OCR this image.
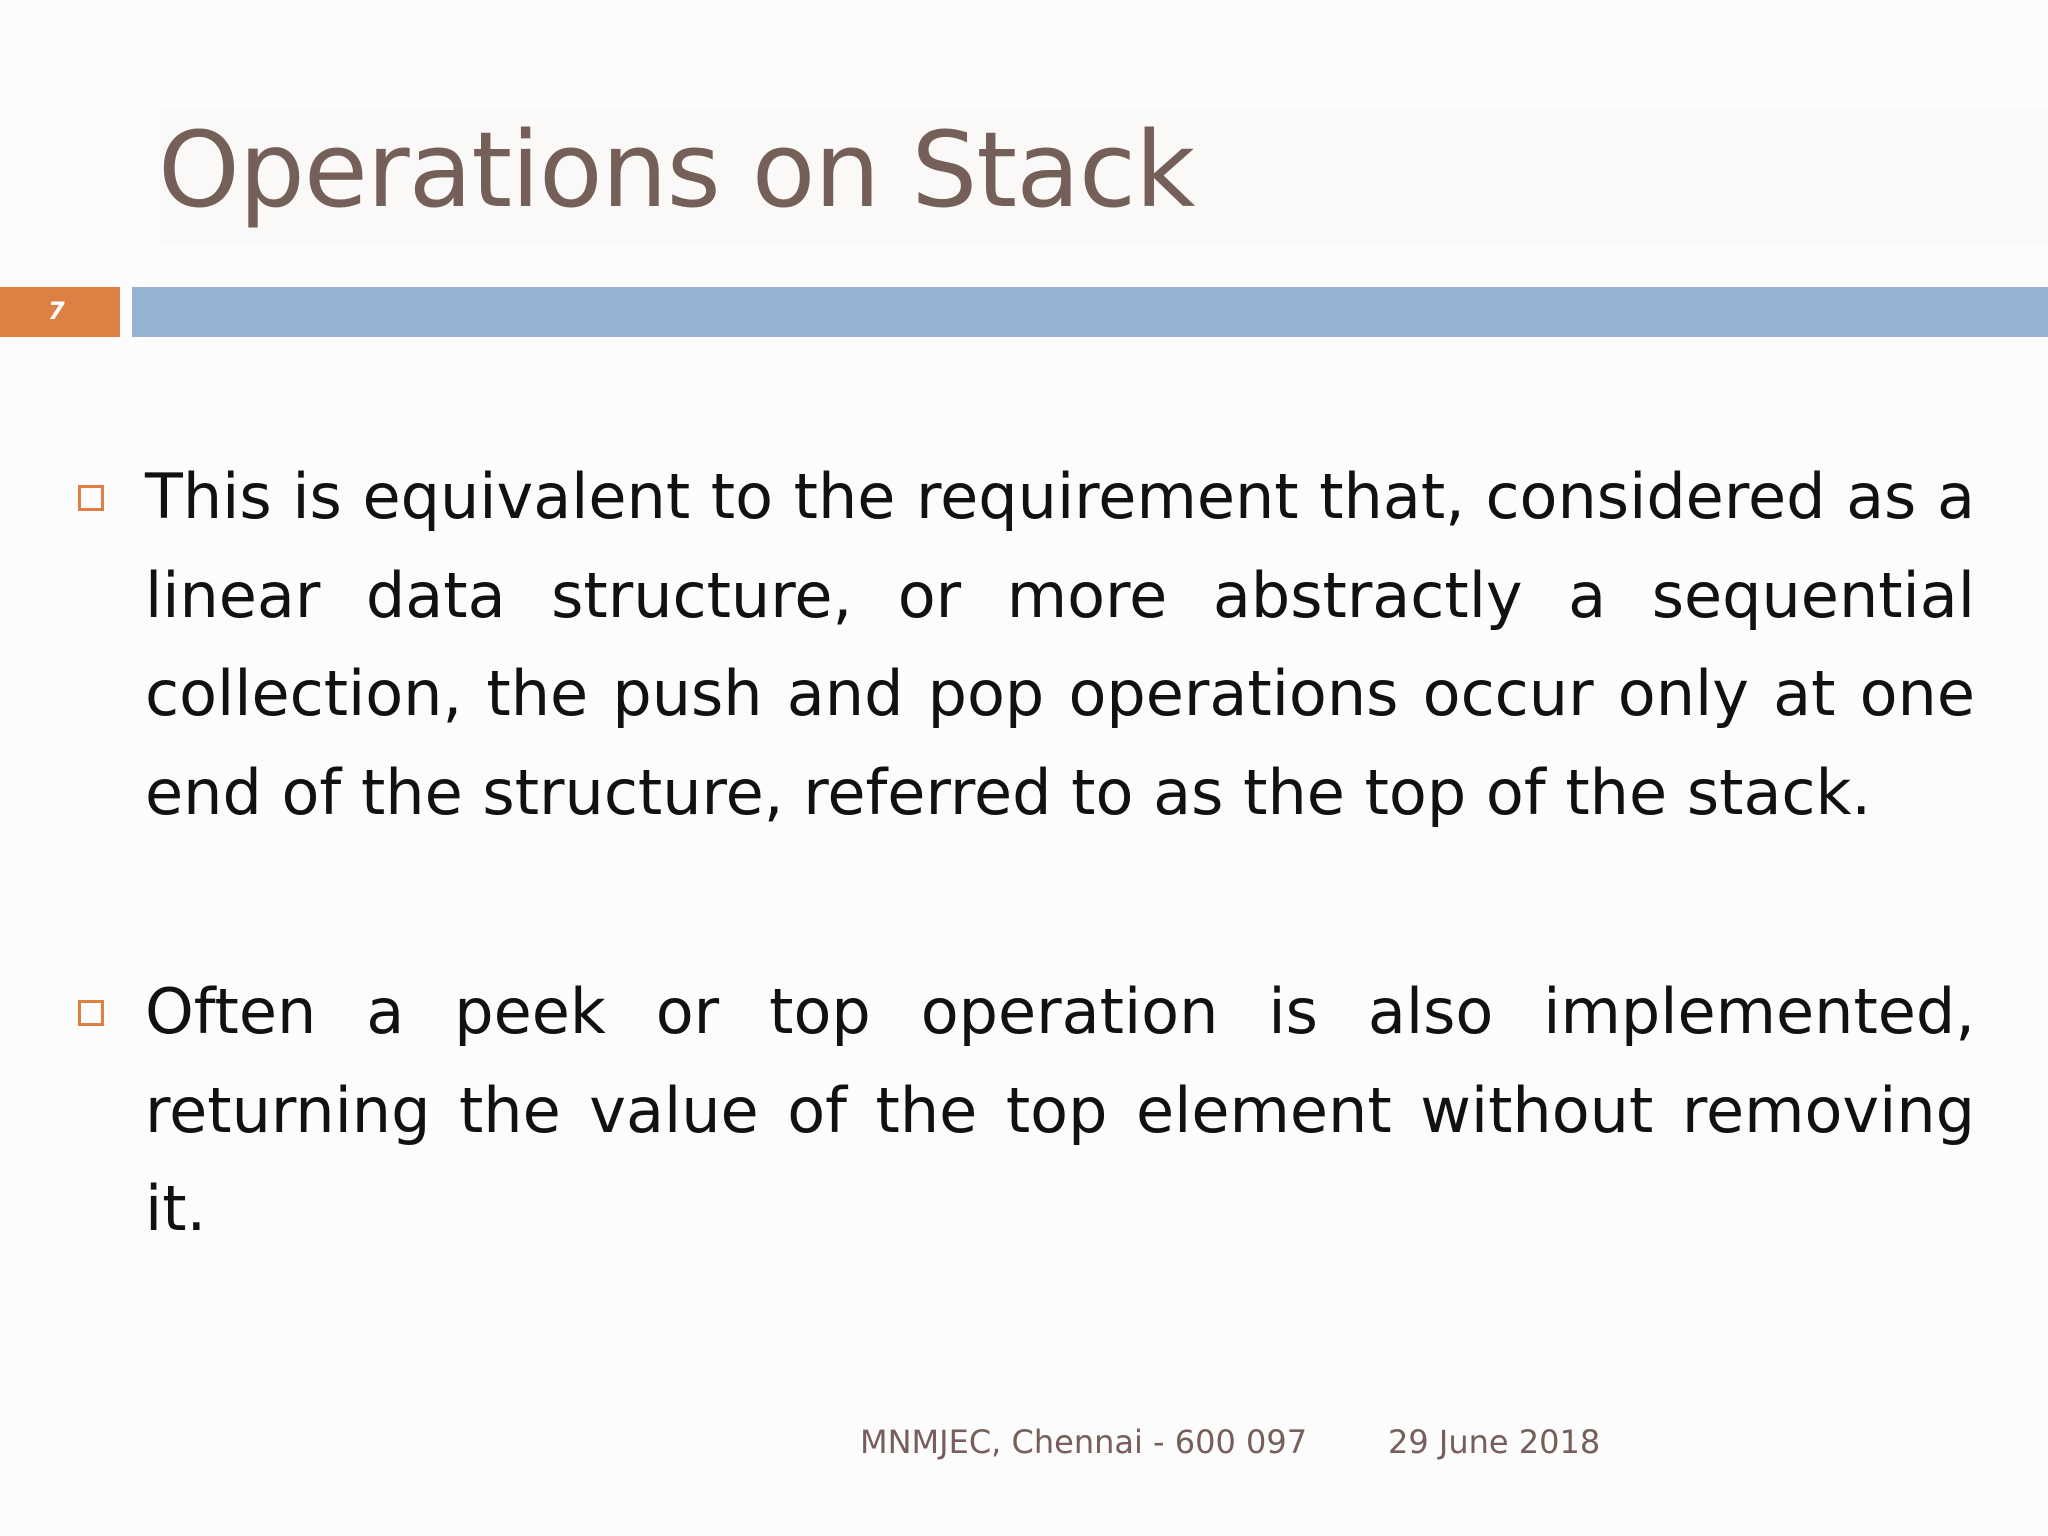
Operations on Stack
7

This is equivalent to the requirement that, considered as a linear data structure, or more abstractly a sequential collection, the push and pop operations occur only at one end of the structure, referred to as the top of the stack.

Often a peek or top operation is also implemented, returning the value of the top element without removing it.

MNMJEC, Chennai - 600 097	29 June 2018
